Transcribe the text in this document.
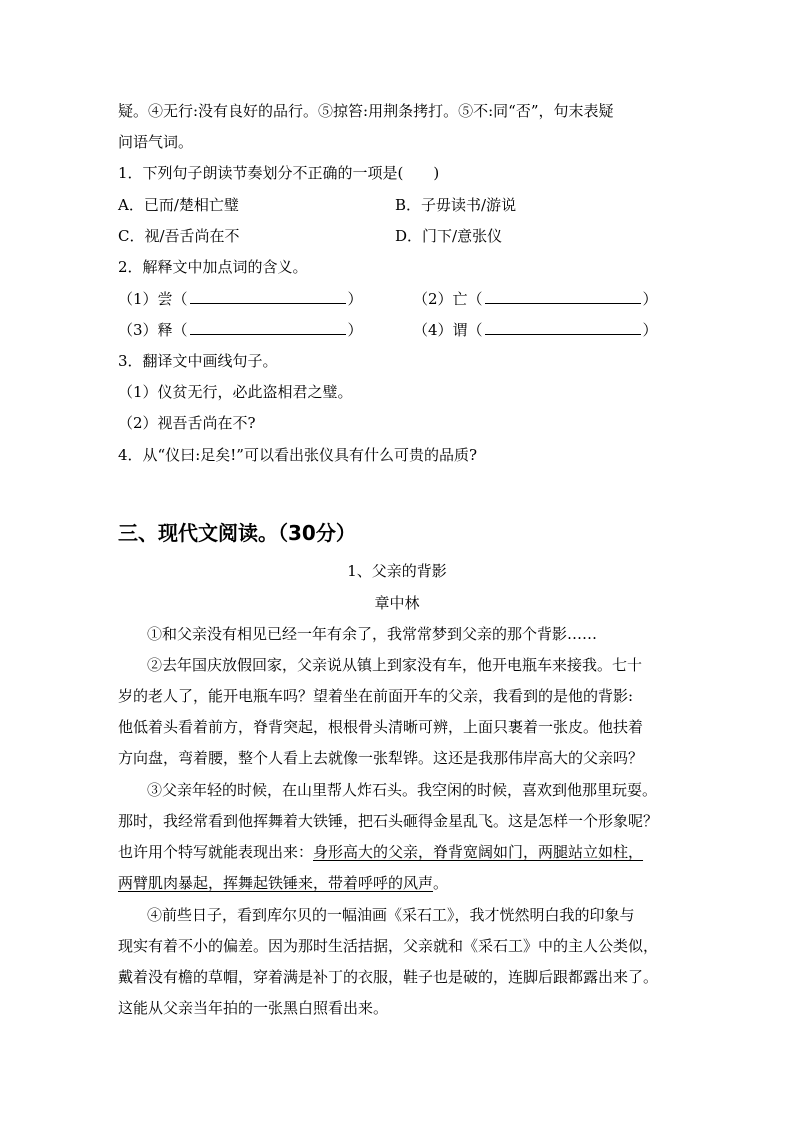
疑。④无行:没有良好的品行。⑤掠笞:用荆条拷打。⑤不:同“否”，句末表疑
问语气词。
1．下列句子朗读节奏划分不正确的一项是(　　)
A．已而/楚相亡璧	B．子毋读书/游说
C．视/吾舌尚在不	D．门下/意张仪
2．解释文中加点词的含义。
（1）尝（	）	（2）亡（	）
（3）释（	）	（4）谓（	）
3．翻译文中画线句子。
（1）仪贫无行，必此盗相君之璧。
（2）视吾舌尚在不?
4．从“仪曰:足矣!”可以看出张仪具有什么可贵的品质?
三、现代文阅读。（30分）
1、父亲的背影
章中林
①和父亲没有相见已经一年有余了，我常常梦到父亲的那个背影……
②去年国庆放假回家，父亲说从镇上到家没有车，他开电瓶车来接我。七十
岁的老人了，能开电瓶车吗？望着坐在前面开车的父亲，我看到的是他的背影:
他低着头看着前方，脊背突起，根根骨头清晰可辨，上面只裹着一张皮。他扶着
方向盘，弯着腰，整个人看上去就像一张犁铧。这还是我那伟岸高大的父亲吗？
③父亲年轻的时候，在山里帮人炸石头。我空闲的时候，喜欢到他那里玩耍。
那时，我经常看到他挥舞着大铁锤，把石头砸得金星乱飞。这是怎样一个形象呢？
也许用个特写就能表现出来：身形高大的父亲，脊背宽阔如门，两腿站立如柱，
两臂肌肉暴起，挥舞起铁锤来，带着呼呼的风声。
④前些日子，看到库尔贝的一幅油画《采石工》，我才恍然明白我的印象与
现实有着不小的偏差。因为那时生活拮据，父亲就和《采石工》中的主人公类似，
戴着没有檐的草帽，穿着满是补丁的衣服，鞋子也是破的，连脚后跟都露出来了。
这能从父亲当年拍的一张黑白照看出来。
